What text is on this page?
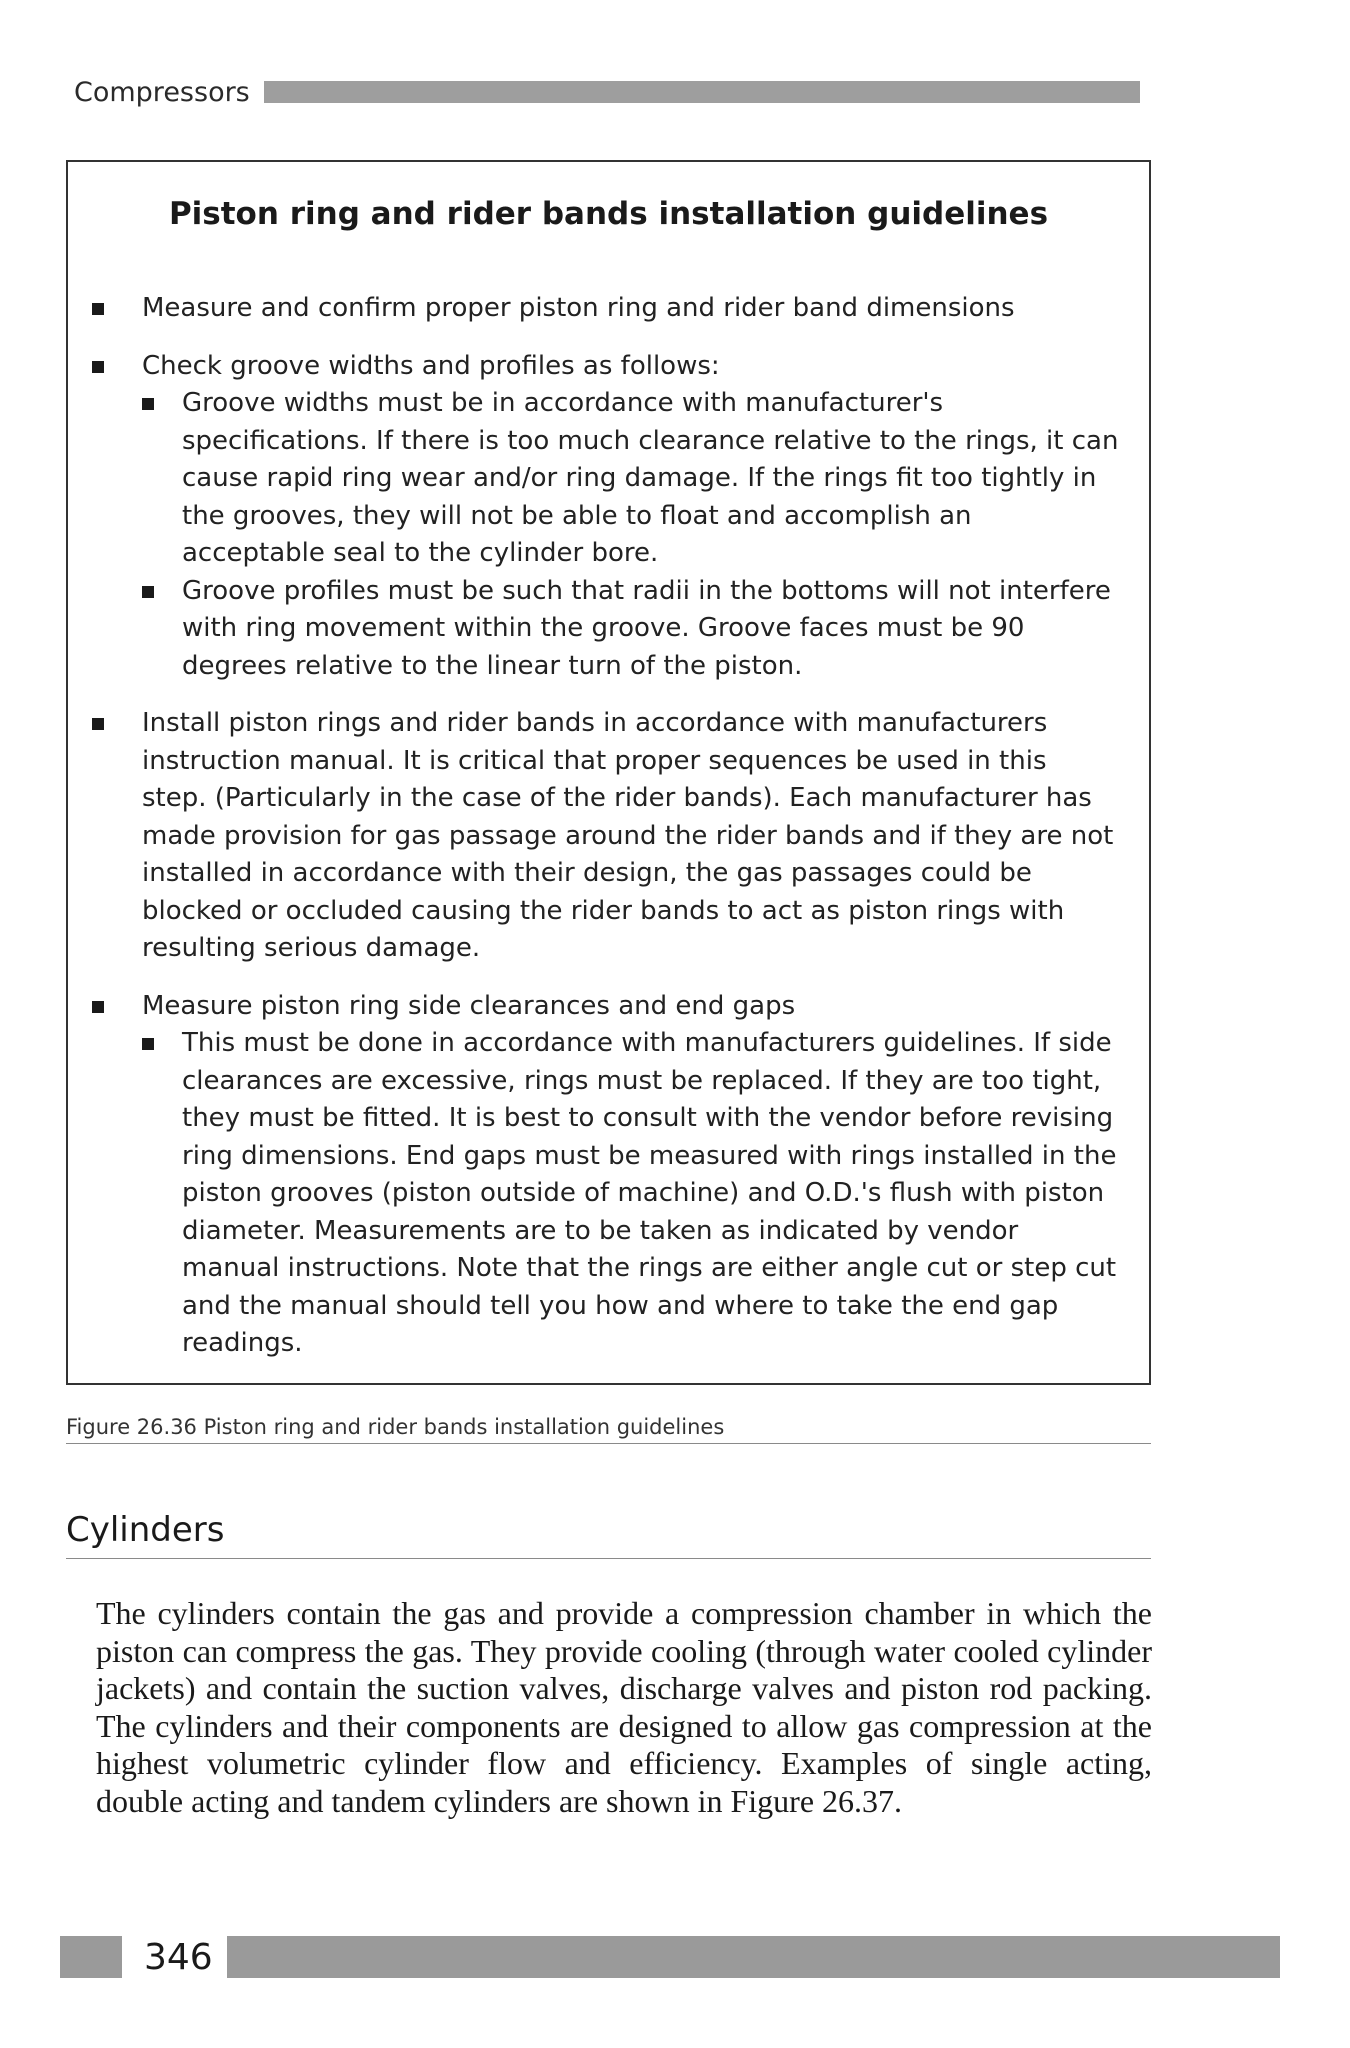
Compressors
Piston ring and rider bands installation guidelines
Measure and confirm proper piston ring and rider band dimensions
Check groove widths and profiles as follows:
Groove widths must be in accordance with manufacturer's specifications. If there is too much clearance relative to the rings, it can cause rapid ring wear and/or ring damage. If the rings fit too tightly in the grooves, they will not be able to float and accomplish an acceptable seal to the cylinder bore.
Groove profiles must be such that radii in the bottoms will not interfere with ring movement within the groove. Groove faces must be 90 degrees relative to the linear turn of the piston.
Install piston rings and rider bands in accordance with manufacturers instruction manual. It is critical that proper sequences be used in this step. (Particularly in the case of the rider bands). Each manufacturer has made provision for gas passage around the rider bands and if they are not installed in accordance with their design, the gas passages could be blocked or occluded causing the rider bands to act as piston rings with resulting serious damage.
Measure piston ring side clearances and end gaps
This must be done in accordance with manufacturers guidelines. If side clearances are excessive, rings must be replaced. If they are too tight, they must be fitted. It is best to consult with the vendor before revising ring dimensions. End gaps must be measured with rings installed in the piston grooves (piston outside of machine) and O.D.'s flush with piston diameter. Measurements are to be taken as indicated by vendor manual instructions. Note that the rings are either angle cut or step cut and the manual should tell you how and where to take the end gap readings.
Figure 26.36 Piston ring and rider bands installation guidelines
Cylinders

The cylinders contain the gas and provide a compression chamber in which the piston can compress the gas. They provide cooling (through water cooled cylinder jackets) and contain the suction valves, discharge valves and piston rod packing. The cylinders and their components are designed to allow gas compression at the highest volumetric cylinder flow and efficiency. Examples of single acting, double acting and tandem cylinders are shown in Figure 26.37.

346
